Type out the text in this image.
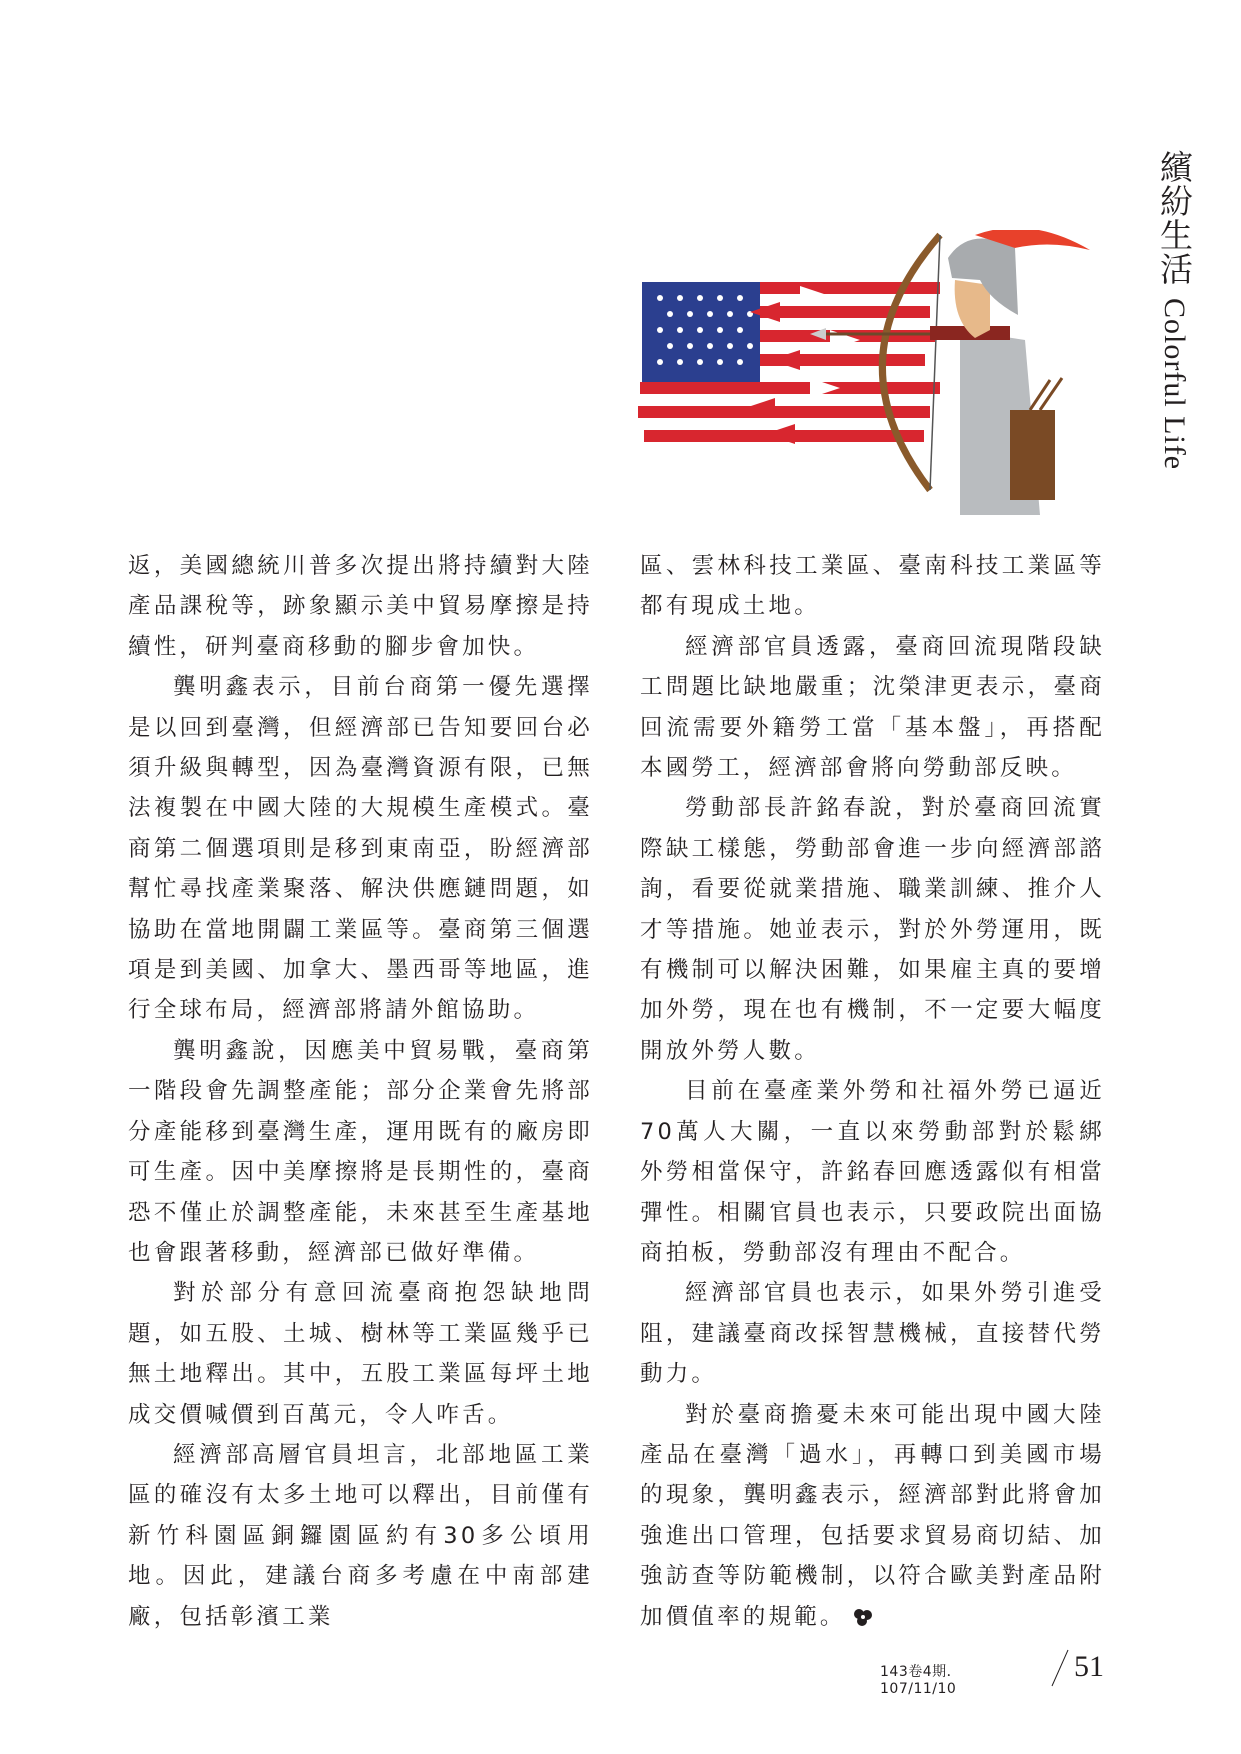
繽紛生活Colorful Life

返，美國總統川普多次提出將持續對大陸產品課稅等，跡象顯示美中貿易摩擦是持續性，研判臺商移動的腳步會加快。

龔明鑫表示，目前台商第一優先選擇是以回到臺灣，但經濟部已告知要回台必須升級與轉型，因為臺灣資源有限，已無法複製在中國大陸的大規模生產模式。臺商第二個選項則是移到東南亞，盼經濟部幫忙尋找產業聚落、解決供應鏈問題，如協助在當地開闢工業區等。臺商第三個選項是到美國、加拿大、墨西哥等地區，進行全球布局，經濟部將請外館協助。

龔明鑫說，因應美中貿易戰，臺商第一階段會先調整產能；部分企業會先將部分產能移到臺灣生產，運用既有的廠房即可生產。因中美摩擦將是長期性的，臺商恐不僅止於調整產能，未來甚至生產基地也會跟著移動，經濟部已做好準備。

對於部分有意回流臺商抱怨缺地問題，如五股、土城、樹林等工業區幾乎已無土地釋出。其中，五股工業區每坪土地成交價喊價到百萬元，令人咋舌。

經濟部高層官員坦言，北部地區工業區的確沒有太多土地可以釋出，目前僅有新竹科園區銅鑼園區約有30多公頃用地。因此，建議台商多考慮在中南部建廠，包括彰濱工業

區、雲林科技工業區、臺南科技工業區等都有現成土地。

經濟部官員透露，臺商回流現階段缺工問題比缺地嚴重；沈榮津更表示，臺商回流需要外籍勞工當「基本盤」，再搭配本國勞工，經濟部會將向勞動部反映。

勞動部長許銘春說，對於臺商回流實際缺工樣態，勞動部會進一步向經濟部諮詢，看要從就業措施、職業訓練、推介人才等措施。她並表示，對於外勞運用，既有機制可以解決困難，如果雇主真的要增加外勞，現在也有機制，不一定要大幅度開放外勞人數。

目前在臺產業外勞和社福外勞已逼近70萬人大關，一直以來勞動部對於鬆綁外勞相當保守，許銘春回應透露似有相當彈性。相關官員也表示，只要政院出面協商拍板，勞動部沒有理由不配合。

經濟部官員也表示，如果外勞引進受阻，建議臺商改採智慧機械，直接替代勞動力。

對於臺商擔憂未來可能出現中國大陸產品在臺灣「過水」，再轉口到美國市場的現象，龔明鑫表示，經濟部對此將會加強進出口管理，包括要求貿易商切結、加強訪查等防範機制，以符合歐美對產品附加價值率的規範。

143卷4期．107/11/10
51
